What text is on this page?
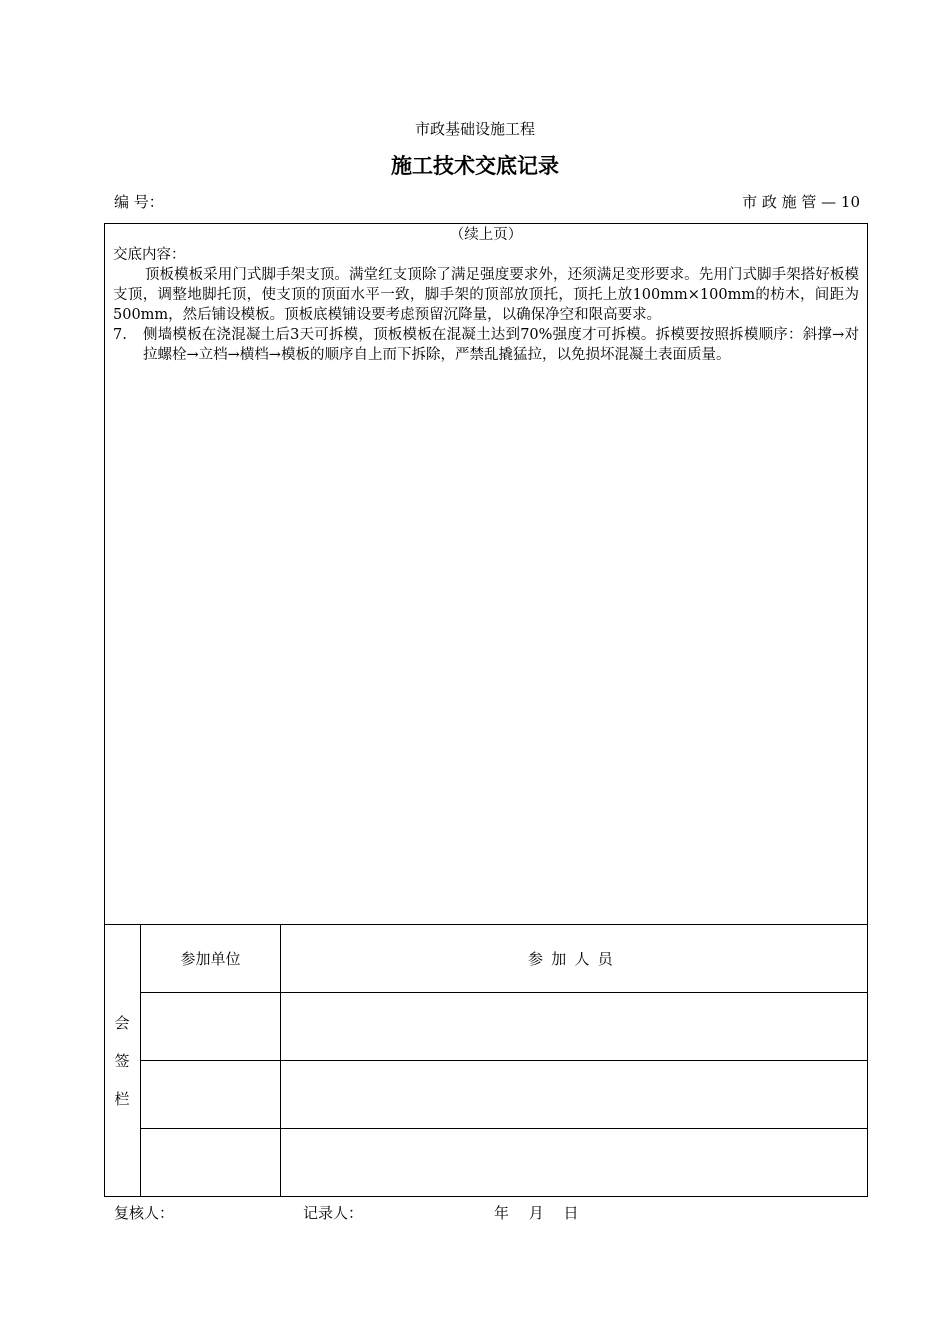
市政基础设施工程
施工技术交底记录
编 号：	市 政 施 管 — 10
（续上页）
交底内容：
顶板模板采用门式脚手架支顶。满堂红支顶除了满足强度要求外，还须满足变形要求。先用门式脚手架搭好板模支顶，调整地脚托顶，使支顶的顶面水平一致，脚手架的顶部放顶托，顶托上放100mm×100mm的枋木，间距为500mm，然后铺设模板。顶板底模铺设要考虑预留沉降量，以确保净空和限高要求。
7.	侧墙模板在浇混凝土后3天可拆模，顶板模板在混凝土达到70%强度才可拆模。拆模要按照拆模顺序：斜撑→对拉螺栓→立档→横档→模板的顺序自上而下拆除，严禁乱撬猛拉，以免损坏混凝土表面质量。
会
签
栏
参加单位	参加人员
复核人：	记录人：	年　 月　 日
